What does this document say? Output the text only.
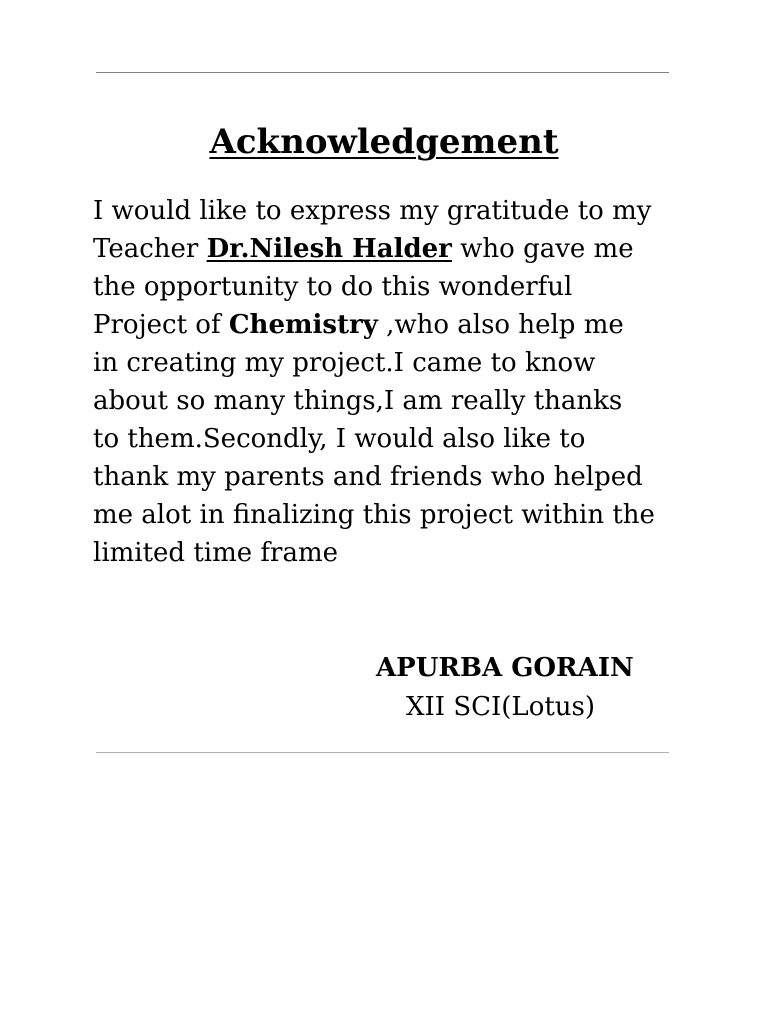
Acknowledgement

I would like to express my gratitude to my
Teacher Dr.Nilesh Halder who gave me
the opportunity to do this wonderful
Project of Chemistry ,who also help me
in creating my project.I came to know
about so many things,I am really thanks
to them.Secondly, I would also like to
thank my parents and friends who helped
me alot in finalizing this project within the
limited time frame

APURBA GORAIN
XII SCI(Lotus)
